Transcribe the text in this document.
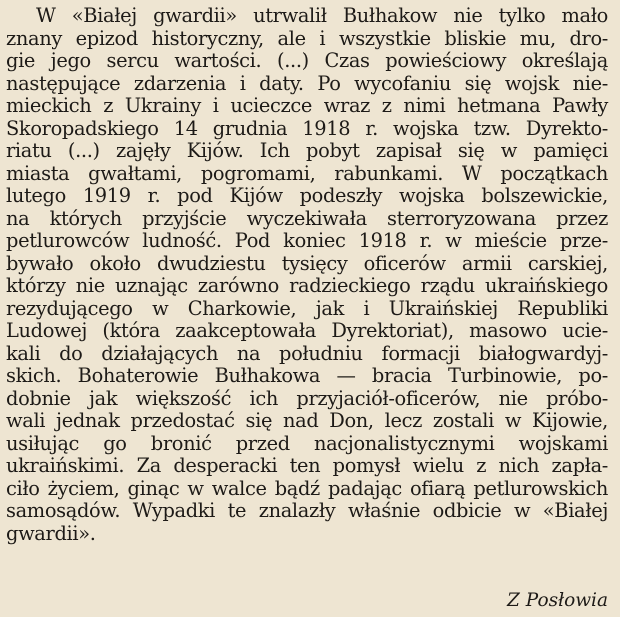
W «Białej gwardii» utrwalił Bułhakow nie tylko mało
znany epizod historyczny, ale i wszystkie bliskie mu, dro-
gie jego sercu wartości. (...) Czas powieściowy określają
następujące zdarzenia i daty. Po wycofaniu się wojsk nie-
mieckich z Ukrainy i ucieczce wraz z nimi hetmana Pawły
Skoropadskiego 14 grudnia 1918 r. wojska tzw. Dyrekto-
riatu (...) zajęły Kijów. Ich pobyt zapisał się w pamięci
miasta gwałtami, pogromami, rabunkami. W początkach
lutego 1919 r. pod Kijów podeszły wojska bolszewickie,
na których przyjście wyczekiwała sterroryzowana przez
petlurowców ludność. Pod koniec 1918 r. w mieście prze-
bywało około dwudziestu tysięcy oficerów armii carskiej,
którzy nie uznając zarówno radzieckiego rządu ukraińskiego
rezydującego w Charkowie, jak i Ukraińskiej Republiki
Ludowej (która zaakceptowała Dyrektoriat), masowo ucie-
kali do działających na południu formacji białogwardyj-
skich. Bohaterowie Bułhakowa — bracia Turbinowie, po-
dobnie jak większość ich przyjaciół-oficerów, nie próbo-
wali jednak przedostać się nad Don, lecz zostali w Kijowie,
usiłując go bronić przed nacjonalistycznymi wojskami
ukraińskimi. Za desperacki ten pomysł wielu z nich zapła-
ciło życiem, ginąc w walce bądź padając ofiarą petlurowskich
samosądów. Wypadki te znalazły właśnie odbicie w «Białej
gwardii».
Z Posłowia
